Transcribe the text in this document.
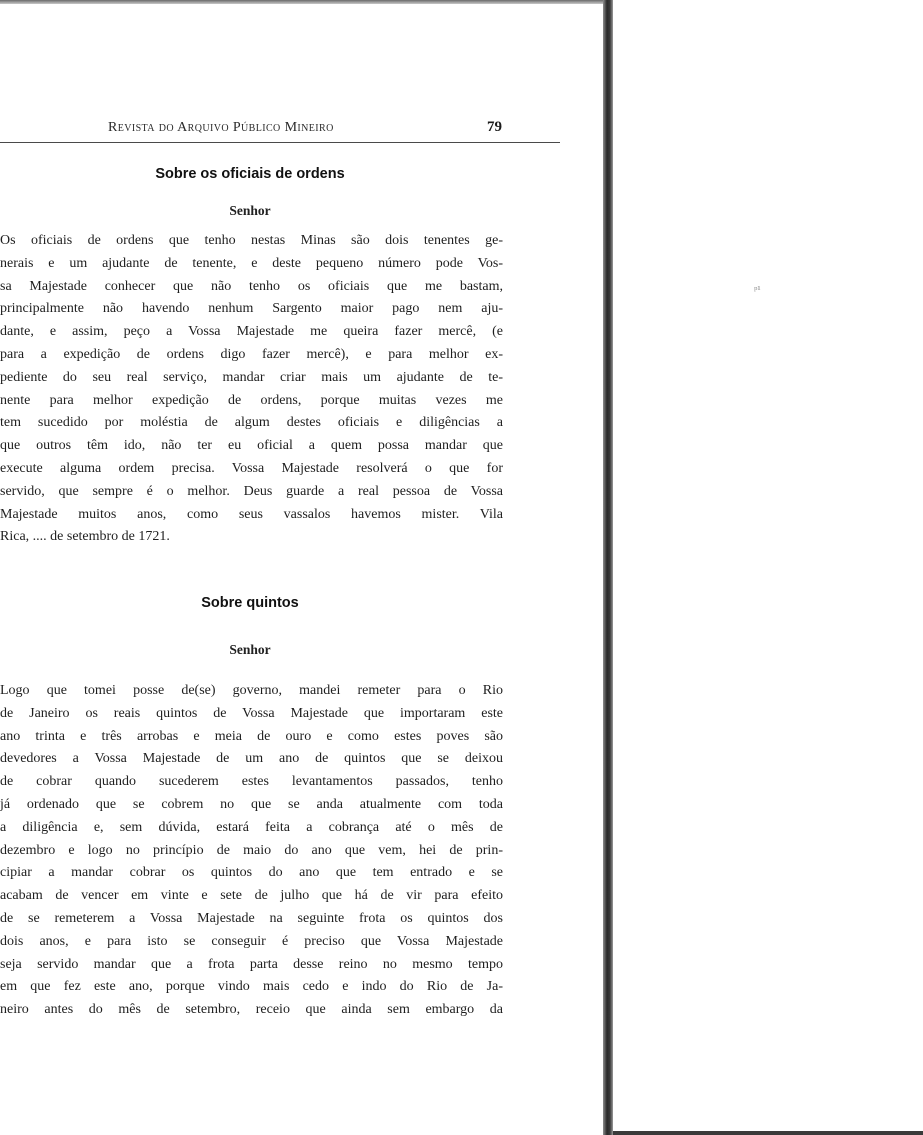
Revista do Arquivo Público Mineiro	79
Sobre os oficiais de ordens
Senhor
Os oficiais de ordens que tenho nestas Minas são dois tenentes ge-
nerais e um ajudante de tenente, e deste pequeno número pode Vos-
sa Majestade conhecer que não tenho os oficiais que me bastam,
principalmente não havendo nenhum Sargento maior pago nem aju-
dante, e assim, peço a Vossa Majestade me queira fazer mercê, (e
para a expedição de ordens digo fazer mercê), e para melhor ex-
pediente do seu real serviço, mandar criar mais um ajudante de te-
nente para melhor expedição de ordens, porque muitas vezes me
tem sucedido por moléstia de algum destes oficiais e diligências a
que outros têm ido, não ter eu oficial a quem possa mandar que
execute alguma ordem precisa. Vossa Majestade resolverá o que for
servido, que sempre é o melhor. Deus guarde a real pessoa de Vossa
Majestade muitos anos, como seus vassalos havemos mister. Vila
Rica, .... de setembro de 1721.
Sobre quintos
Senhor
Logo que tomei posse de(se) governo, mandei remeter para o Rio
de Janeiro os reais quintos de Vossa Majestade que importaram este
ano trinta e três arrobas e meia de ouro e como estes poves são
devedores a Vossa Majestade de um ano de quintos que se deixou
de cobrar quando sucederem estes levantamentos passados, tenho
já ordenado que se cobrem no que se anda atualmente com toda
a diligência e, sem dúvida, estará feita a cobrança até o mês de
dezembro e logo no princípio de maio do ano que vem, hei de prin-
cipiar a mandar cobrar os quintos do ano que tem entrado e se
acabam de vencer em vinte e sete de julho que há de vir para efeito
de se remeterem a Vossa Majestade na seguinte frota os quintos dos
dois anos, e para isto se conseguir é preciso que Vossa Majestade
seja servido mandar que a frota parta desse reino no mesmo tempo
em que fez este ano, porque vindo mais cedo e indo do Rio de Ja-
neiro antes do mês de setembro, receio que ainda sem embargo da
ᵖ¹
